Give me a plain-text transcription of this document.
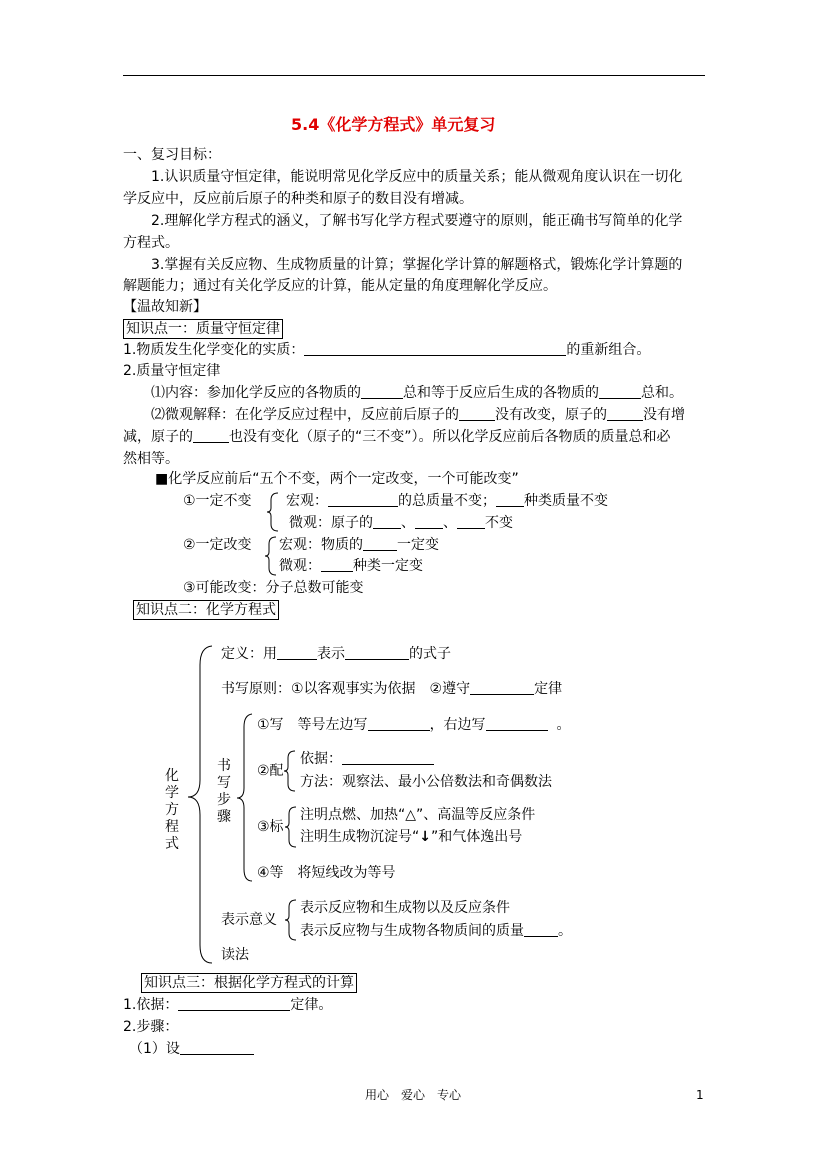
5.4《化学方程式》单元复习
一、复习目标：
1.认识质量守恒定律，能说明常见化学反应中的质量关系；能从微观角度认识在一切化
学反应中，反应前后原子的种类和原子的数目没有增减。
2.理解化学方程式的涵义，了解书写化学方程式要遵守的原则，能正确书写简单的化学
方程式。
3.掌握有关反应物、生成物质量的计算；掌握化学计算的解题格式，锻炼化学计算题的
解题能力；通过有关化学反应的计算，能从定量的角度理解化学反应。
【温故知新】
知识点一：质量守恒定律
1.物质发生化学变化的实质：	的重新组合。
2.质量守恒定律
⑴内容：参加化学反应的各物质的	总和等于反应后生成的各物质的	总和。
⑵微观解释：在化学反应过程中，反应前后原子的	没有改变，原子的	没有增
减，原子的	也没有变化（原子的“三不变”）。所以化学反应前后各物质的质量总和必
然相等。
■化学反应前后“五个不变，两个一定改变，一个可能改变”
①一定不变 宏观：	的总质量不变； 种类质量不变
微观：原子的 、 、 不变
②一定改变 宏观：物质的 一定变
微观： 种类一定变
③可能改变：分子总数可能变
知识点二：化学方程式
化学方程式
定义：用	表示	的式子
书写原则：①以客观事实为依据　②遵守	定律
书写步骤
①写　等号左边写	，右边写	。
②配
依据：
方法：观察法、最小公倍数法和奇偶数法
③标
注明点燃、加热“△”、高温等反应条件
注明生成物沉淀号“↓”和气体逸出号
④等　将短线改为等号
表示意义
表示反应物和生成物以及反应条件
表示反应物与生成物各物质间的质量 。
读法
知识点三：根据化学方程式的计算
1.依据：	定律。
2.步骤：
（1）设
用心　爱心　专心	1
